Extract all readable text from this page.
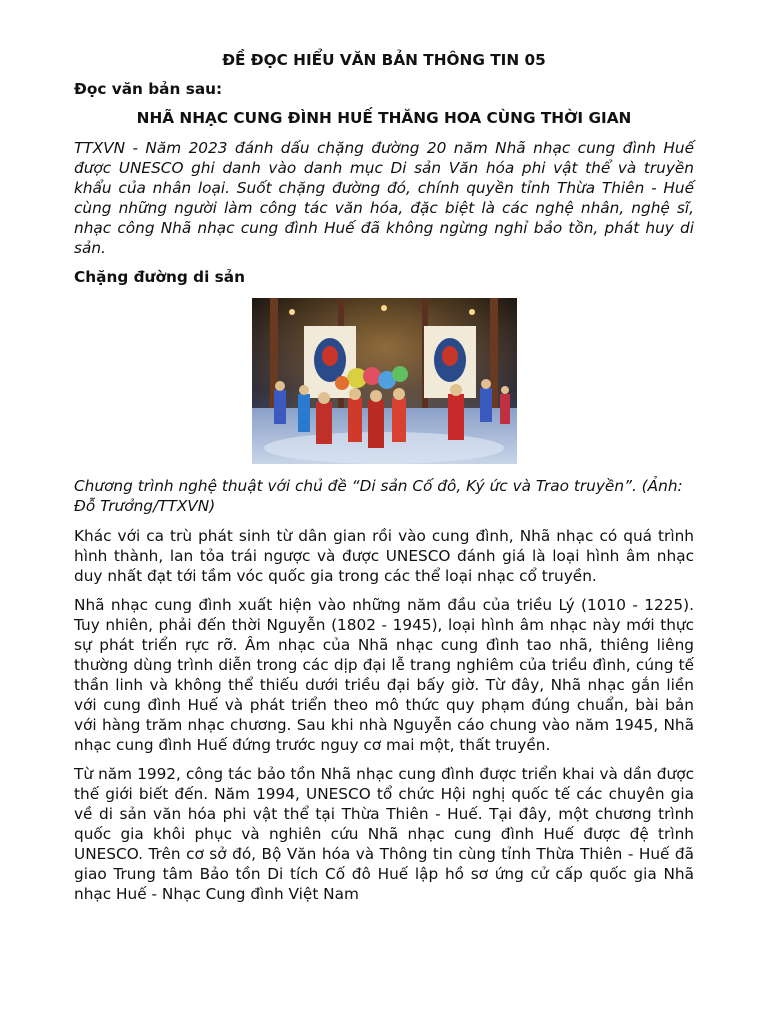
ĐỀ ĐỌC HIỂU VĂN BẢN THÔNG TIN 05

Đọc văn bản sau:

NHÃ NHẠC CUNG ĐÌNH HUẾ THĂNG HOA CÙNG THỜI GIAN

TTXVN - Năm 2023 đánh dấu chặng đường 20 năm Nhã nhạc cung đình Huế được UNESCO ghi danh vào danh mục Di sản Văn hóa phi vật thể và truyền khẩu của nhân loại. Suốt chặng đường đó, chính quyền tỉnh Thừa Thiên - Huế cùng những người làm công tác văn hóa, đặc biệt là các nghệ nhân, nghệ sĩ, nhạc công Nhã nhạc cung đình Huế đã không ngừng nghỉ bảo tồn, phát huy di sản.

Chặng đường di sản

Chương trình nghệ thuật với chủ đề “Di sản Cố đô, Ký ức và Trao truyền”. (Ảnh: Đỗ Trưởng/TTXVN)

Khác với ca trù phát sinh từ dân gian rồi vào cung đình, Nhã nhạc có quá trình hình thành, lan tỏa trái ngược và được UNESCO đánh giá là loại hình âm nhạc duy nhất đạt tới tầm vóc quốc gia trong các thể loại nhạc cổ truyền.

Nhã nhạc cung đình xuất hiện vào những năm đầu của triều Lý (1010 - 1225). Tuy nhiên, phải đến thời Nguyễn (1802 - 1945), loại hình âm nhạc này mới thực sự phát triển rực rỡ. Âm nhạc của Nhã nhạc cung đình tao nhã, thiêng liêng thường dùng trình diễn trong các dịp đại lễ trang nghiêm của triều đình, cúng tế thần linh và không thể thiếu dưới triều đại bấy giờ. Từ đây, Nhã nhạc gắn liền với cung đình Huế và phát triển theo mô thức quy phạm đúng chuẩn, bài bản với hàng trăm nhạc chương. Sau khi nhà Nguyễn cáo chung vào năm 1945, Nhã nhạc cung đình Huế đứng trước nguy cơ mai một, thất truyền.

Từ năm 1992, công tác bảo tồn Nhã nhạc cung đình được triển khai và dần được thế giới biết đến. Năm 1994, UNESCO tổ chức Hội nghị quốc tế các chuyên gia về di sản văn hóa phi vật thể tại Thừa Thiên - Huế. Tại đây, một chương trình quốc gia khôi phục và nghiên cứu Nhã nhạc cung đình Huế được đệ trình UNESCO. Trên cơ sở đó, Bộ Văn hóa và Thông tin cùng tỉnh Thừa Thiên - Huế đã giao Trung tâm Bảo tồn Di tích Cố đô Huế lập hồ sơ ứng cử cấp quốc gia Nhã nhạc Huế - Nhạc Cung đình Việt Nam
